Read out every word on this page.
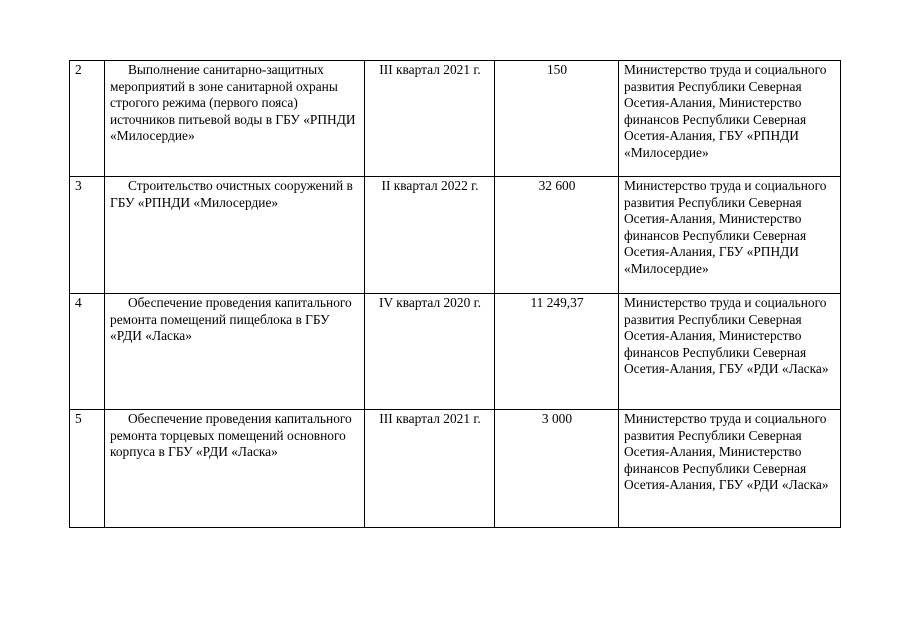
2	Выполнение санитарно-защитных мероприятий в зоне санитарной охраны строгого режима (первого пояса) источников питьевой воды в ГБУ «РПНДИ «Милосердие»	III квартал 2021 г.	150	Министерство труда и социального развития Республики Северная Осетия-Алания, Министерство финансов Республики Северная Осетия-Алания, ГБУ «РПНДИ «Милосердие»
3	Строительство очистных сооружений в ГБУ «РПНДИ «Милосердие»	II квартал 2022 г.	32 600	Министерство труда и социального развития Республики Северная Осетия-Алания, Министерство финансов Республики Северная Осетия-Алания, ГБУ «РПНДИ «Милосердие»
4	Обеспечение проведения капитального ремонта помещений пищеблока в ГБУ «РДИ «Ласка»	IV квартал 2020 г.	11 249,37	Министерство труда и социального развития Республики Северная Осетия-Алания, Министерство финансов Республики Северная Осетия-Алания, ГБУ «РДИ «Ласка»
5	Обеспечение проведения капитального ремонта торцевых помещений основного корпуса в ГБУ «РДИ «Ласка»	III квартал 2021 г.	3 000	Министерство труда и социального развития Республики Северная Осетия-Алания, Министерство финансов Республики Северная Осетия-Алания, ГБУ «РДИ «Ласка»
